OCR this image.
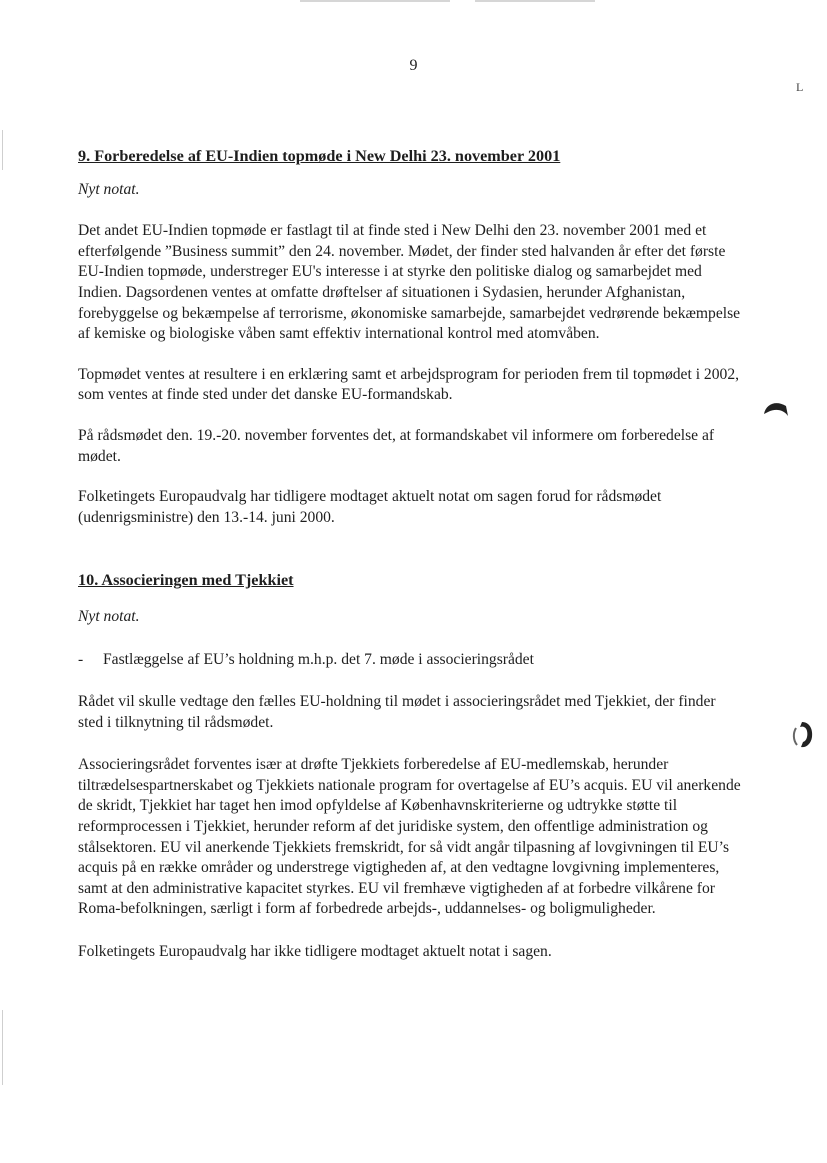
9
L
9. Forberedelse af EU-Indien topmøde i New Delhi 23. november 2001

Nyt notat.

Det andet EU-Indien topmøde er fastlagt til at finde sted i New Delhi den 23. november 2001 med et efterfølgende ”Business summit” den 24. november. Mødet, der finder sted halvanden år efter det første EU-Indien topmøde, understreger EU's interesse i at styrke den politiske dialog og samarbejdet med Indien. Dagsordenen ventes at omfatte drøftelser af situationen i Sydasien, herunder Afghanistan, forebyggelse og bekæmpelse af terrorisme, økonomiske samarbejde, samarbejdet vedrørende bekæmpelse af kemiske og biologiske våben samt effektiv international kontrol med atomvåben.

Topmødet ventes at resultere i en erklæring samt et arbejdsprogram for perioden frem til topmødet i 2002, som ventes at finde sted under det danske EU-formandskab.

På rådsmødet den. 19.-20. november forventes det, at formandskabet vil informere om forberedelse af mødet.

Folketingets Europaudvalg har tidligere modtaget aktuelt notat om sagen forud for rådsmødet (udenrigsministre) den 13.-14. juni 2000.

10. Associeringen med Tjekkiet

Nyt notat.

-	Fastlæggelse af EU’s holdning m.h.p. det 7. møde i associeringsrådet

Rådet vil skulle vedtage den fælles EU-holdning til mødet i associeringsrådet med Tjekkiet, der finder sted i tilknytning til rådsmødet.

Associeringsrådet forventes især at drøfte Tjekkiets forberedelse af EU-medlemskab, herunder tiltrædelsespartnerskabet og Tjekkiets nationale program for overtagelse af EU’s acquis. EU vil anerkende de skridt, Tjekkiet har taget hen imod opfyldelse af Københavnskriterierne og udtrykke støtte til reformprocessen i Tjekkiet, herunder reform af det juridiske system, den offentlige administration og stålsektoren. EU vil anerkende Tjekkiets fremskridt, for så vidt angår tilpasning af lovgivningen til EU’s acquis på en række områder og understrege vigtigheden af, at den vedtagne lovgivning implementeres, samt at den administrative kapacitet styrkes. EU vil fremhæve vigtigheden af at forbedre vilkårene for Roma-befolkningen, særligt i form af forbedrede arbejds-, uddannelses- og boligmuligheder.

Folketingets Europaudvalg har ikke tidligere modtaget aktuelt notat i sagen.
